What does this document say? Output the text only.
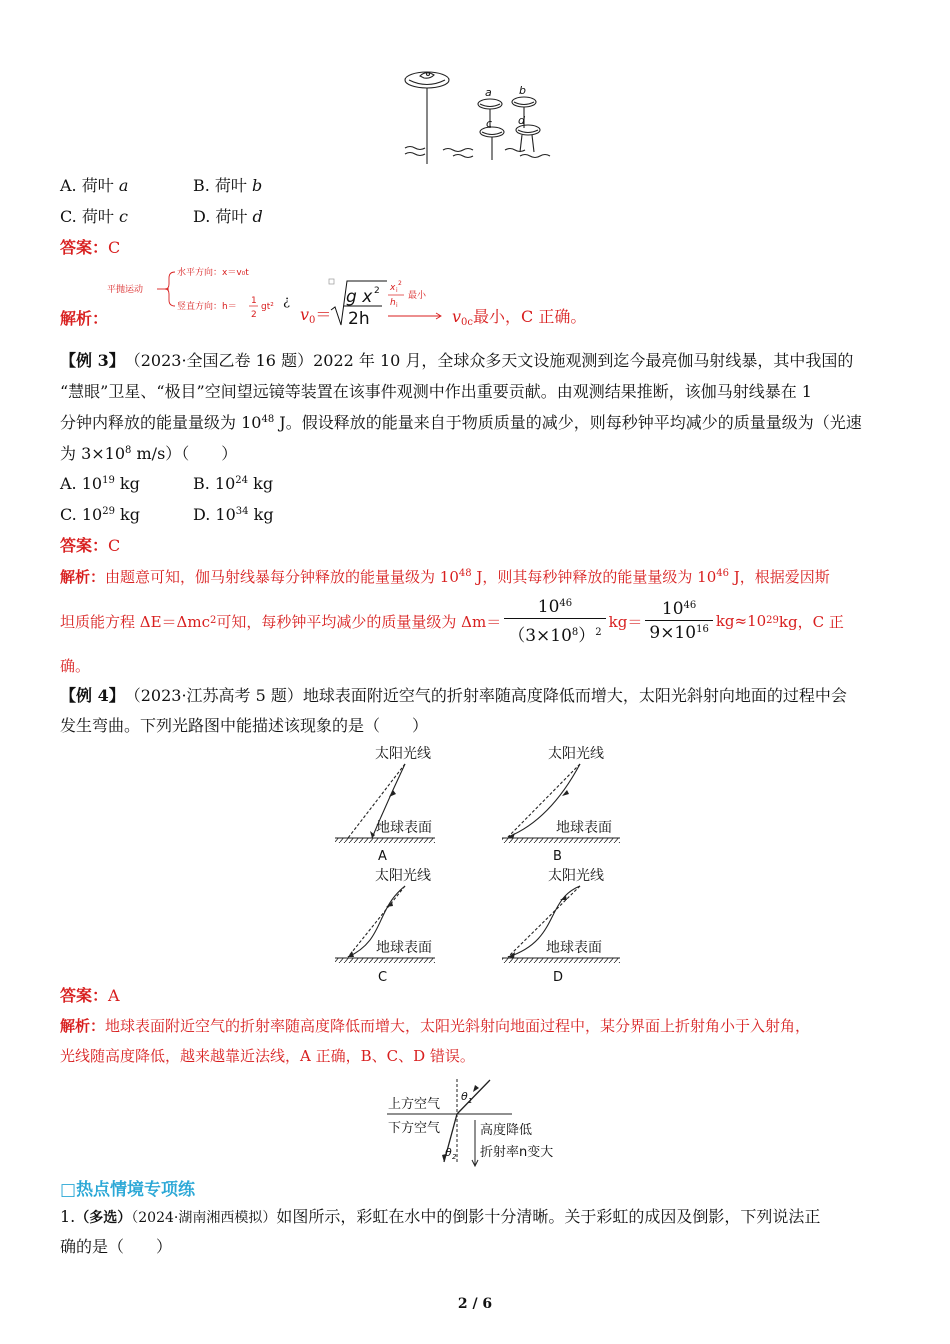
a b
c d
A. 荷叶 a	B. 荷叶 b
C. 荷叶 c	D. 荷叶 d
答案：C
解析：
平抛运动
水平方向：x＝v₀t
竖直方向：h＝
1
2
gt² ¿
$v_0=$
g x 2
2h
x i
2
h i
最小
$v_{0c}$最小，C 正确。
【例 3】　 （2023·全国乙卷 16 题）2022 年 10 月，全球众多天文设施观测到迄今最亮伽马射线暴，其中我国的
“慧眼”卫星、“极目”空间望远镜等装置在该事件观测中作出重要贡献。由观测结果推断，该伽马射线暴在 1
分钟内释放的能量量级为 $10^{48}$ J。假设释放的能量来自于物质质量的减少，则每秒钟平均减少的质量量级为（光速
为 $3\times 10^8$ m/s）（　　）
A. $10^{19}$ kg	B. $10^{24}$ kg
C. $10^{29}$ kg	D. $10^{34}$ kg
答案：C
解析：由题意可知，伽马射线暴每分钟释放的能量量级为 $10^{48}$ J，则其每秒钟释放的能量量级为 $10^{46}$ J，根据爱因斯
坦质能方程 ΔE＝Δmc 2 可知，每秒钟平均减少的质量量级为 $\Delta m= \frac{10^{46}}{(3\times 10^8)^2} kg= \frac{10^{46}}{9\times 10^{16}} kg\approx 10$ 29 kg，C 正
确。
【例 4】　 （2023·江苏高考 5 题）地球表面附近空气的折射率随高度降低而增大，太阳光斜射向地面的过程中会
发生弯曲。下列光路图中能描述该现象的是（　　）
太阳光线	太阳光线
太阳光线	太阳光线
地球表面	地球表面
地球表面	地球表面
A	B
C	D
答案：A
解析：地球表面附近空气的折射率随高度降低而增大，太阳光斜射向地面过程中，某分界面上折射角小于入射角，
光线随高度降低，越来越靠近法线，A 正确，B、C、D 错误。
上方空气
下方空气	高度降低
折射率n变大
θ 1
θ 2
□热点情境专项练
1.（多选）（2024·湖南湘西模拟）如图所示，彩虹在水中的倒影十分清晰。关于彩虹的成因及倒影，下列说法正
确的是（　　）
2 / 6
